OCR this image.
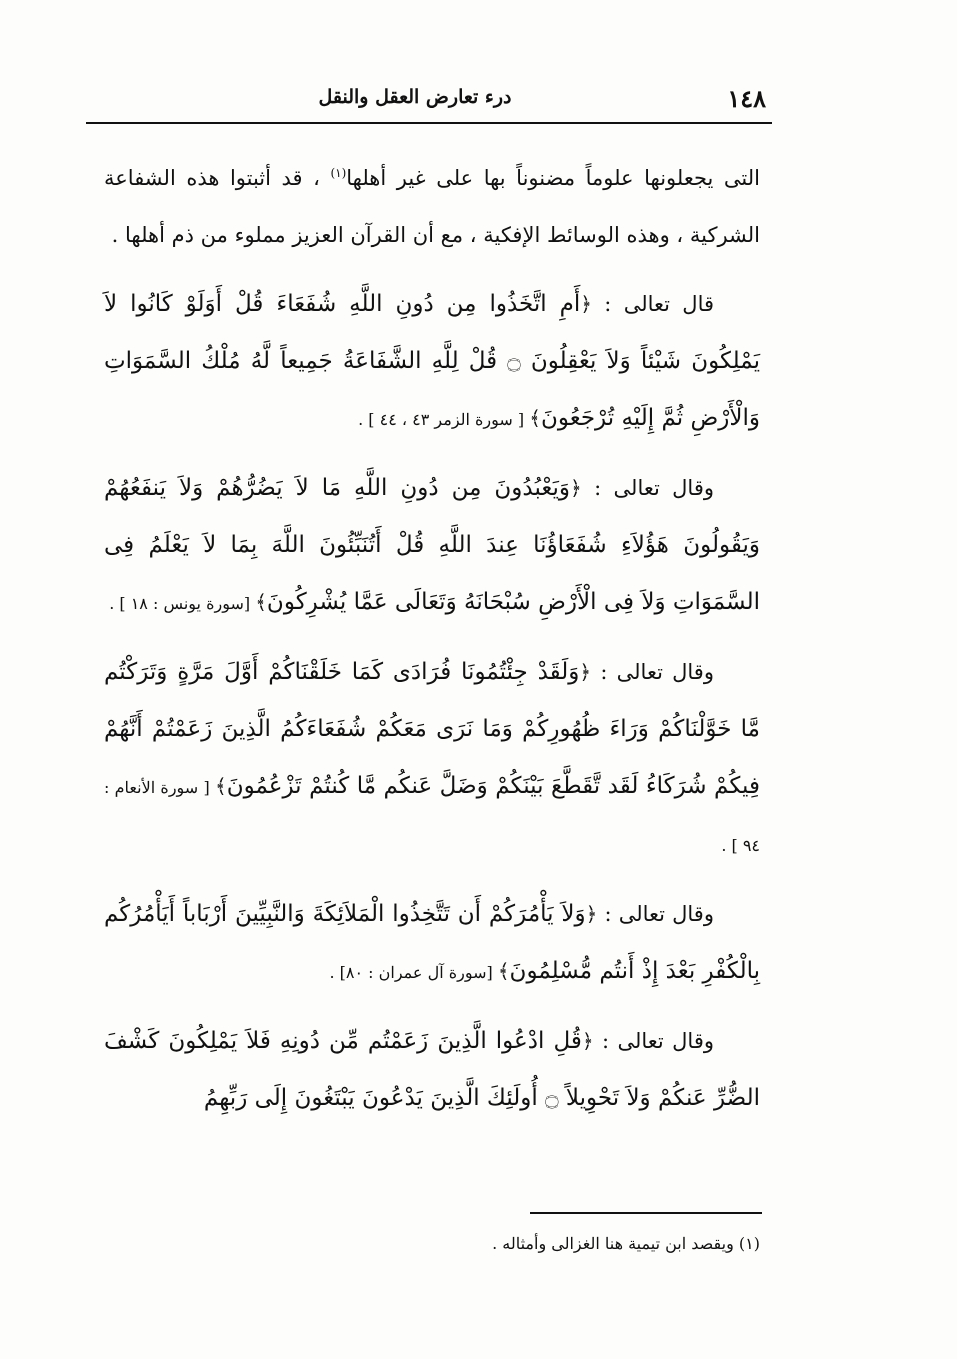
١٤٨
درء تعارض العقل والنقل

التى يجعلونها علوماً مضنوناً بها على غير أهلها$^{(١)}$ ، قد أثبتوا هذه الشفاعة الشركية ، وهذه الوسائط الإفكية ، مع أن القرآن العزيز مملوء من ذم أهلها .

قال تعالى : ﴿أَمِ اتَّخَذُوا مِن دُونِ اللَّهِ شُفَعَاءَ قُلْ أَوَلَوْ كَانُوا لاَ يَمْلِكُونَ شَيْئاً وَلاَ يَعْقِلُونَ ۝ قُلْ لِلَّهِ الشَّفَاعَةُ جَمِيعاً لَّهُ مُلْكُ السَّمَوَاتِ وَالْأَرْضِ ثُمَّ إِلَيْهِ تُرْجَعُونَ﴾ [ سورة الزمر ٤٣ ، ٤٤ ] .

وقال تعالى : ﴿وَيَعْبُدُونَ مِن دُونِ اللَّهِ مَا لاَ يَضُرُّهُمْ وَلاَ يَنفَعُهُمْ وَيَقُولُونَ هَؤُلاَءِ شُفَعَاؤُنَا عِندَ اللَّهِ قُلْ أَتُنَبِّئُونَ اللَّهَ بِمَا لاَ يَعْلَمُ فِى السَّمَوَاتِ وَلاَ فِى الْأَرْضِ سُبْحَانَهُ وَتَعَالَى عَمَّا يُشْرِكُونَ﴾ [سورة يونس : ١٨ ] .

وقال تعالى : ﴿وَلَقَدْ جِئْتُمُونَا فُرَادَى كَمَا خَلَقْنَاكُمْ أَوَّلَ مَرَّةٍ وَتَرَكْتُم مَّا خَوَّلْنَاكُمْ وَرَاءَ ظُهُورِكُمْ وَمَا نَرَى مَعَكُمْ شُفَعَاءَكُمُ الَّذِينَ زَعَمْتُمْ أَنَّهُمْ فِيكُمْ شُرَكَاءُ لَقَد تَّقَطَّعَ بَيْنَكُمْ وَضَلَّ عَنكُم مَّا كُنتُمْ تَزْعُمُونَ﴾ [ سورة الأنعام : ٩٤ ] .

وقال تعالى : ﴿وَلاَ يَأْمُرَكُمْ أَن تَتَّخِذُوا الْمَلاَئِكَةَ وَالنَّبِيِّينَ أَرْبَاباً أَيَأْمُرُكُم بِالْكُفْرِ بَعْدَ إِذْ أَنتُم مُّسْلِمُونَ﴾ [سورة آل عمران : ٨٠] .

وقال تعالى : ﴿قُلِ ادْعُوا الَّذِينَ زَعَمْتُم مِّن دُونِهِ فَلاَ يَمْلِكُونَ كَشْفَ الضُّرِّ عَنكُمْ وَلاَ تَحْوِيلاً ۝ أُولَئِكَ الَّذِينَ يَدْعُونَ يَبْتَغُونَ إِلَى رَبِّهِمُ

(١) ويقصد ابن تيمية هنا الغزالى وأمثاله .
